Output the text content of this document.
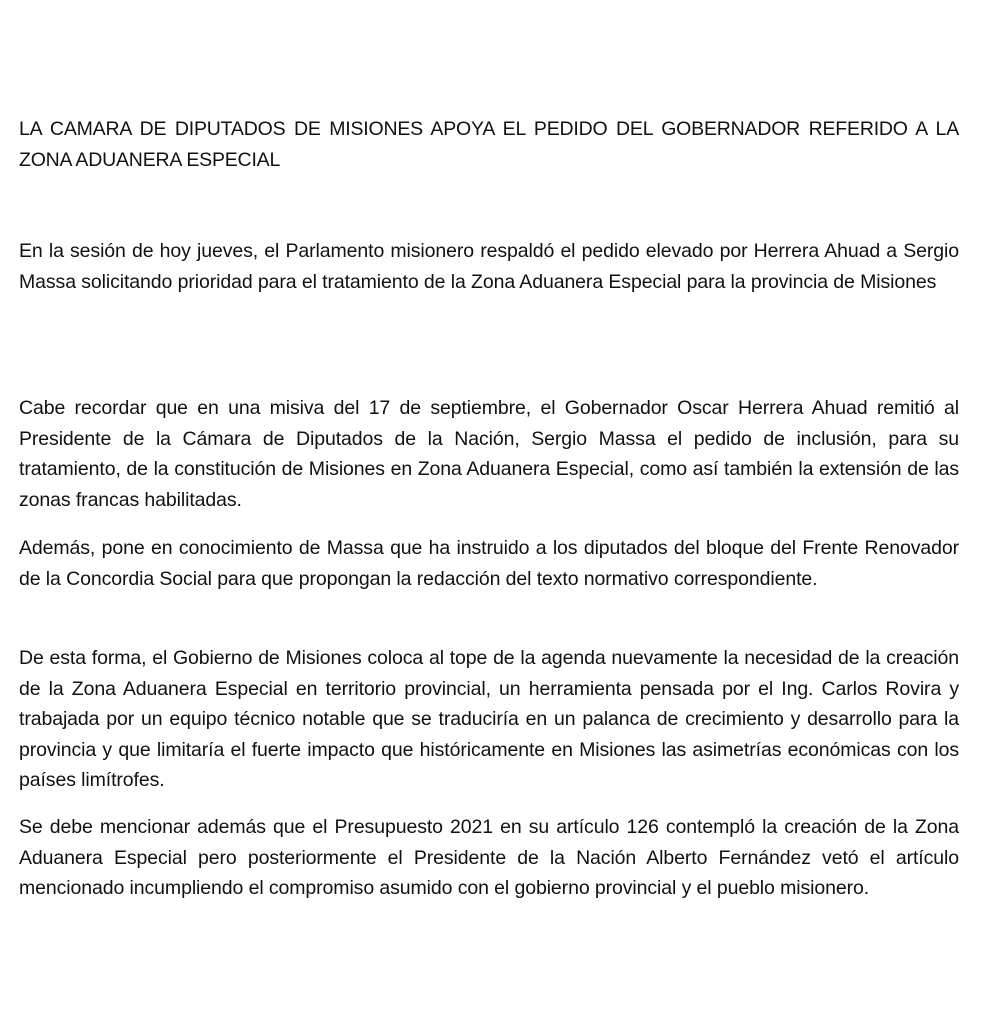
LA CAMARA DE DIPUTADOS DE MISIONES APOYA EL PEDIDO DEL GOBERNADOR REFERIDO A LA ZONA ADUANERA ESPECIAL

En la sesión de hoy jueves, el Parlamento misionero respaldó el pedido elevado por Herrera Ahuad a Sergio Massa solicitando prioridad para el tratamiento de la Zona Aduanera Especial para la provincia de Misiones

Cabe recordar que en una misiva del 17 de septiembre, el Gobernador Oscar Herrera Ahuad remitió al Presidente de la Cámara de Diputados de la Nación, Sergio Massa el pedido de inclusión, para su tratamiento, de la constitución de Misiones en Zona Aduanera Especial, como así también la extensión de las zonas francas habilitadas.

Además, pone en conocimiento de Massa que ha instruido a los diputados del bloque del Frente Renovador de la Concordia Social para que propongan la redacción del texto normativo correspondiente.

De esta forma, el Gobierno de Misiones coloca al tope de la agenda nuevamente la necesidad de la creación de la Zona Aduanera Especial en territorio provincial, un herramienta pensada por el Ing. Carlos Rovira y trabajada por un equipo técnico notable que se traduciría en un palanca de crecimiento y desarrollo para la provincia y que limitaría el fuerte impacto que históricamente en Misiones las asimetrías económicas con los países limítrofes.

Se debe mencionar además que el Presupuesto 2021 en su artículo 126 contempló la creación de la Zona Aduanera Especial pero posteriormente el Presidente de la Nación Alberto Fernández vetó el artículo mencionado incumpliendo el compromiso asumido con el gobierno provincial y el pueblo misionero.
